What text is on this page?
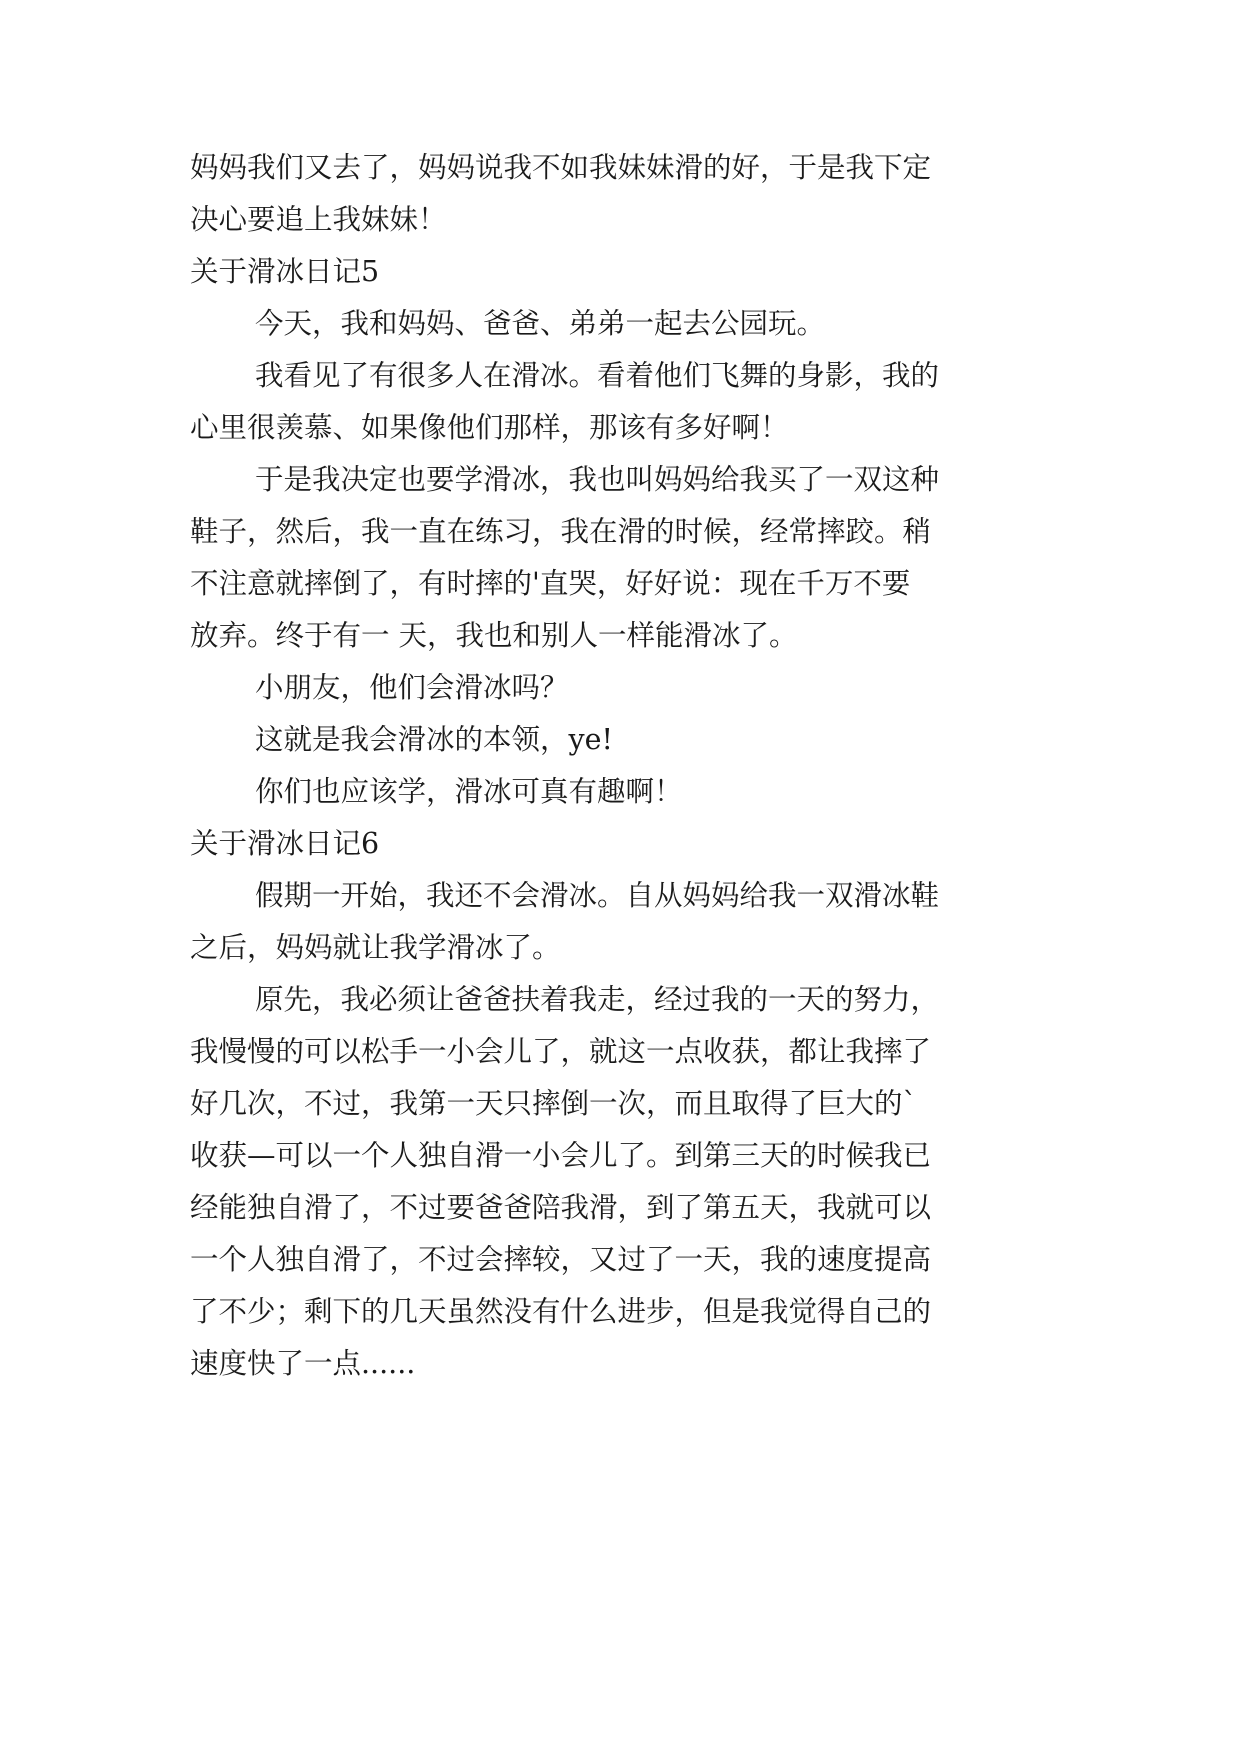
妈妈我们又去了，妈妈说我不如我妹妹滑的好，于是我下定
决心要追上我妹妹！
关于滑冰日记5
今天，我和妈妈、爸爸、弟弟一起去公园玩。
我看见了有很多人在滑冰。看着他们飞舞的身影，我的
心里很羡慕、如果像他们那样，那该有多好啊！
于是我决定也要学滑冰，我也叫妈妈给我买了一双这种
鞋子，然后，我一直在练习，我在滑的时候，经常摔跤。稍
不注意就摔倒了，有时摔的'直哭，好好说：现在千万不要
放弃。终于有一 天，我也和别人一样能滑冰了。
小朋友，他们会滑冰吗？
这就是我会滑冰的本领，ye!
你们也应该学，滑冰可真有趣啊！
关于滑冰日记6
假期一开始，我还不会滑冰。自从妈妈给我一双滑冰鞋
之后，妈妈就让我学滑冰了。
原先，我必须让爸爸扶着我走，经过我的一天的努力，
我慢慢的可以松手一小会儿了，就这一点收获，都让我摔了
好几次，不过，我第一天只摔倒一次，而且取得了巨大的`
收获—可以一个人独自滑一小会儿了。到第三天的时候我已
经能独自滑了，不过要爸爸陪我滑，到了第五天，我就可以
一个人独自滑了，不过会摔较，又过了一天，我的速度提高
了不少；剩下的几天虽然没有什么进步，但是我觉得自己的
速度快了一点......
